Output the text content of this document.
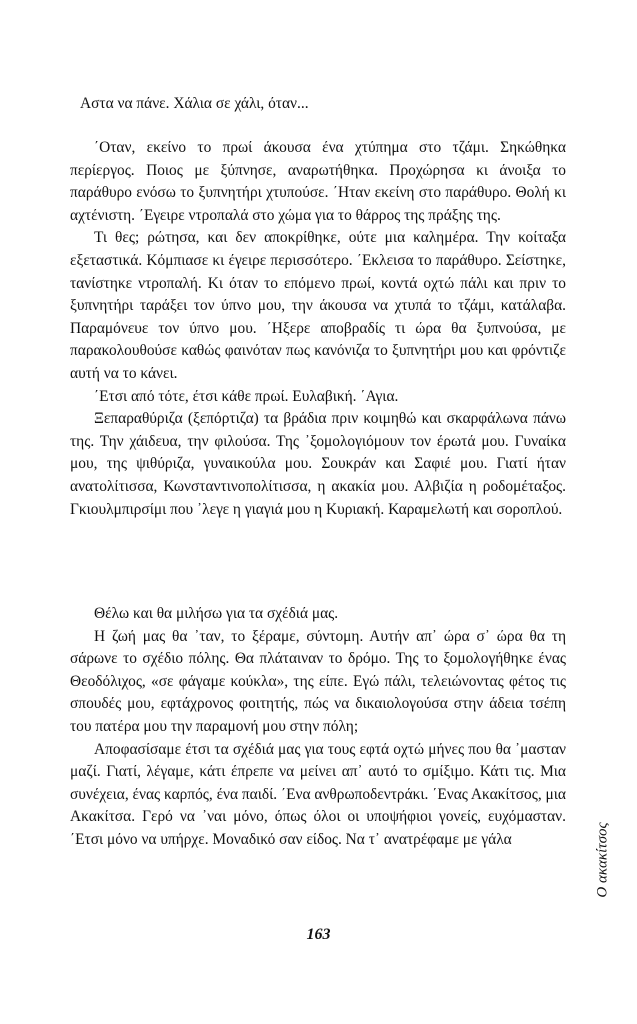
Αστα να πάνε. Χάλια σε χάλι, όταν...

΄Οταν, εκείνο το πρωί άκουσα ένα χτύπημα στο τζάμι. Σηκώθηκα περίεργος. Ποιος με ξύπνησε, αναρωτήθηκα. Προχώρησα κι άνοιξα το παράθυρο ενόσω το ξυπνητήρι χτυπούσε. ΄Ηταν εκείνη στο παράθυρο. Θολή κι αχτένιστη. ΄Εγειρε ντροπαλά στο χώμα για το θάρρος της πράξης της.

Τι θες; ρώτησα, και δεν αποκρίθηκε, ούτε μια καλημέρα. Την κοίταξα εξεταστικά. Κόμπιασε κι έγειρε περισσότερο. ΄Εκλεισα το παράθυρο. Σείστηκε, τανίστηκε ντροπαλή. Κι όταν το επόμενο πρωί, κοντά οχτώ πάλι και πριν το ξυπνητήρι ταράξει τον ύπνο μου, την άκουσα να χτυπά το τζάμι, κατάλαβα. Παραμόνευε τον ύπνο μου. ΄Ηξερε αποβραδίς τι ώρα θα ξυπνούσα, με παρακολουθούσε καθώς φαινόταν πως κανόνιζα το ξυπνητήρι μου και φρόντιζε αυτή να το κάνει.

΄Ετσι από τότε, έτσι κάθε πρωί. Ευλαβική. ΄Αγια.

Ξεπαραθύριζα (ξεπόρτιζα) τα βράδια πριν κοιμηθώ και σκαρφάλωνα πάνω της. Την χάιδευα, την φιλούσα. Της ᾿ξομολογιόμουν τον έρωτά μου. Γυναίκα μου, της ψιθύριζα, γυναικούλα μου. Σουκράν και Σαφιέ μου. Γιατί ήταν ανατολίτισσα, Κωνσταντινοπολίτισσα, η ακακία μου. Αλβιζία η ροδομέταξος. Γκιουλμπιρσίμι που ᾿λεγε η γιαγιά μου η Κυριακή. Καραμελωτή και σοροπλού.

Θέλω και θα μιλήσω για τα σχέδιά μας.

Η ζωή μας θα ᾿ταν, το ξέραμε, σύντομη. Αυτήν απ᾿ ώρα σ᾿ ώρα θα τη σάρωνε το σχέδιο πόλης. Θα πλάταιναν το δρόμο. Της το ξομολογήθηκε ένας Θεοδόλιχος, «σε φάγαμε κούκλα», της είπε. Εγώ πάλι, τελειώνοντας φέτος τις σπουδές μου, εφτάχρονος φοιτητής, πώς να δικαιολογούσα στην άδεια τσέπη του πατέρα μου την παραμονή μου στην πόλη;

Αποφασίσαμε έτσι τα σχέδιά μας για τους εφτά οχτώ μήνες που θα ᾿μασταν μαζί. Γιατί, λέγαμε, κάτι έπρεπε να μείνει απ᾿ αυτό το σμίξιμο. Κάτι τις. Μια συνέχεια, ένας καρπός, ένα παιδί. ΄Ενα ανθρωποδεντράκι. ΄Ενας Ακακίτσος, μια Ακακίτσα. Γερό να ᾿ναι μόνο, όπως όλοι οι υποψήφιοι γονείς, ευχόμασταν. ΄Ετσι μόνο να υπήρχε. Μοναδικό σαν είδος. Να τ᾿ ανατρέφαμε με γάλα

163
Ο ακακίτσος
